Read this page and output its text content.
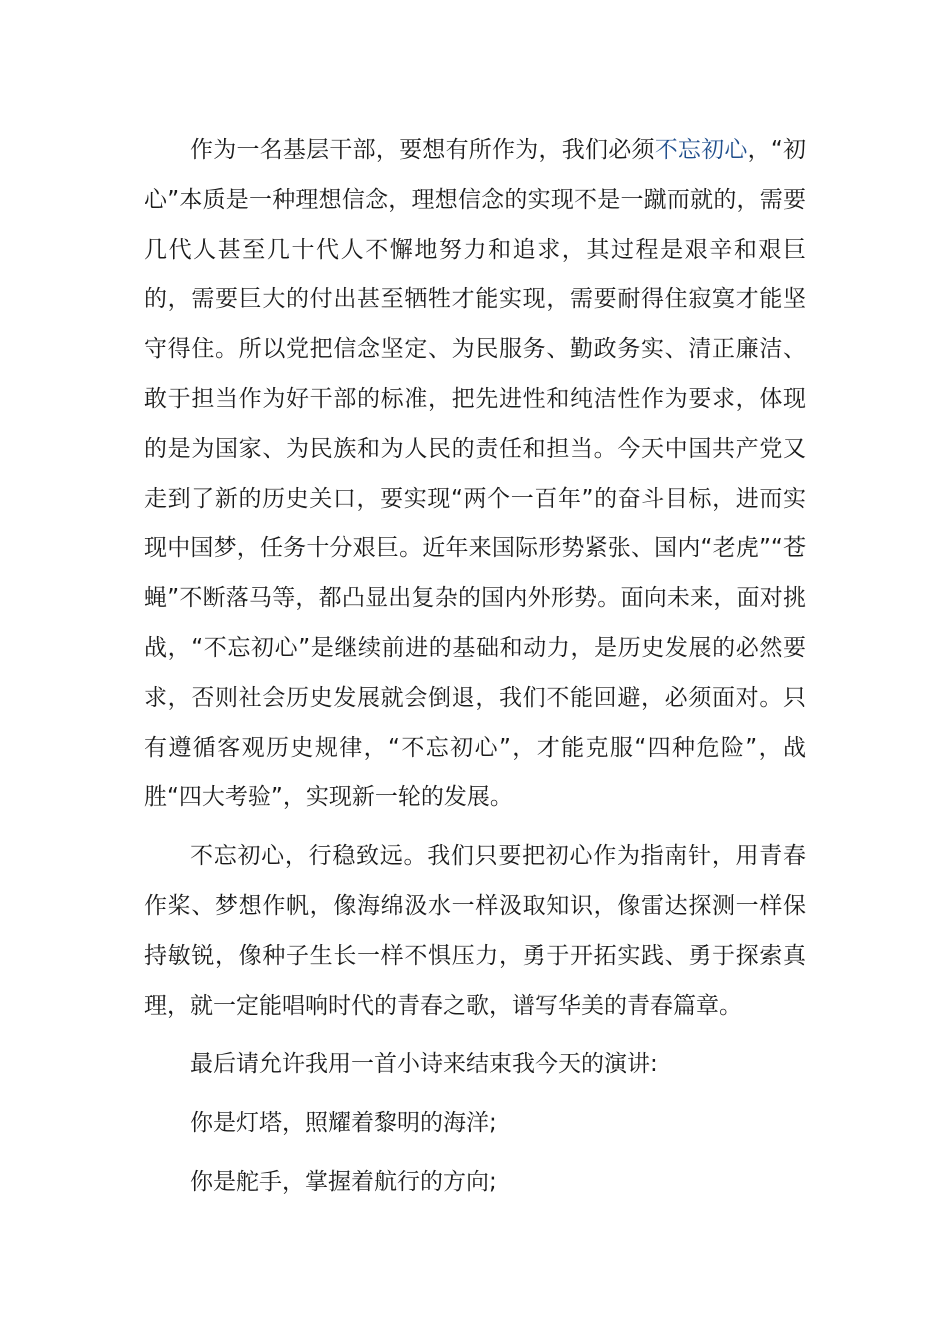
作为一名基层干部，要想有所作为，我们必须不忘初心，“初心”本质是一种理想信念，理想信念的实现不是一蹴而就的，需要几代人甚至几十代人不懈地努力和追求，其过程是艰辛和艰巨的，需要巨大的付出甚至牺牲才能实现，需要耐得住寂寞才能坚守得住。所以党把信念坚定、为民服务、勤政务实、清正廉洁、敢于担当作为好干部的标准，把先进性和纯洁性作为要求，体现的是为国家、为民族和为人民的责任和担当。今天中国共产党又走到了新的历史关口，要实现“两个一百年”的奋斗目标，进而实现中国梦，任务十分艰巨。近年来国际形势紧张、国内“老虎”“苍蝇”不断落马等，都凸显出复杂的国内外形势。面向未来，面对挑战，“不忘初心”是继续前进的基础和动力，是历史发展的必然要求，否则社会历史发展就会倒退，我们不能回避，必须面对。只有遵循客观历史规律，“不忘初心”，才能克服“四种危险”，战胜“四大考验”，实现新一轮的发展。

不忘初心，行稳致远。我们只要把初心作为指南针，用青春作桨、梦想作帆，像海绵汲水一样汲取知识，像雷达探测一样保持敏锐，像种子生长一样不惧压力，勇于开拓实践、勇于探索真理，就一定能唱响时代的青春之歌，谱写华美的青春篇章。

最后请允许我用一首小诗来结束我今天的演讲:

你是灯塔，照耀着黎明的海洋;

你是舵手，掌握着航行的方向;
